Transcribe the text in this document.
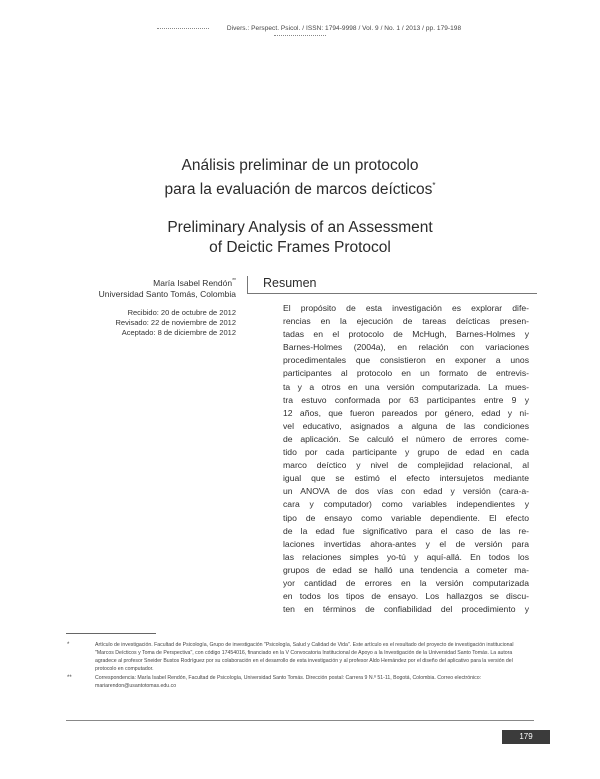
Divers.: Perspect. Psicol. / ISSN: 1794-9998 / Vol. 9 / No. 1 / 2013 / pp. 179-198
Análisis preliminar de un protocolo
para la evaluación de marcos deícticos*
Preliminary Analysis of an Assessment
of Deictic Frames Protocol
María Isabel Rendón**
Universidad Santo Tomás, Colombia
Recibido: 20 de octubre de 2012
Revisado: 22 de noviembre de 2012
Aceptado: 8 de diciembre de 2012
Resumen
El propósito de esta investigación es explorar dife-
rencias en la ejecución de tareas deícticas presen-
tadas en el protocolo de McHugh, Barnes-Holmes y
Barnes-Holmes (2004a), en relación con variaciones
procedimentales que consistieron en exponer a unos
participantes al protocolo en un formato de entrevis-
ta y a otros en una versión computarizada. La mues-
tra estuvo conformada por 63 participantes entre 9 y
12 años, que fueron pareados por género, edad y ni-
vel educativo, asignados a alguna de las condiciones
de aplicación. Se calculó el número de errores come-
tido por cada participante y grupo de edad en cada
marco deíctico y nivel de complejidad relacional, al
igual que se estimó el efecto intersujetos mediante
un ANOVA de dos vías con edad y versión (cara-a-
cara y computador) como variables independientes y
tipo de ensayo como variable dependiente. El efecto
de la edad fue significativo para el caso de las re-
laciones invertidas ahora-antes y el de versión para
las relaciones simples yo-tú y aquí-allá. En todos los
grupos de edad se halló una tendencia a cometer ma-
yor cantidad de errores en la versión computarizada
en todos los tipos de ensayo. Los hallazgos se discu-
ten en términos de confiabilidad del procedimiento y
*	Artículo de investigación. Facultad de Psicología, Grupo de investigación "Psicología, Salud y Calidad de Vida". Este artículo es el resultado del proyecto de investigación institucional "Marcos Deícticos y Toma de Perspectiva", con código 17454016, financiado en la V Convocatoria Institucional de Apoyo a la Investigación de la Universidad Santo Tomás. La autora agradece al profesor Sneider Bustos Rodríguez por su colaboración en el desarrollo de esta investigación y al profesor Aldo Hernández por el diseño del aplicativo para la versión del protocolo en computador.
**	Correspondencia: María Isabel Rendón, Facultad de Psicología, Universidad Santo Tomás. Dirección postal: Carrera 9 N.º 51-11, Bogotá, Colombia. Correo electrónico: mariarendon@usantotomas.edu.co
179
